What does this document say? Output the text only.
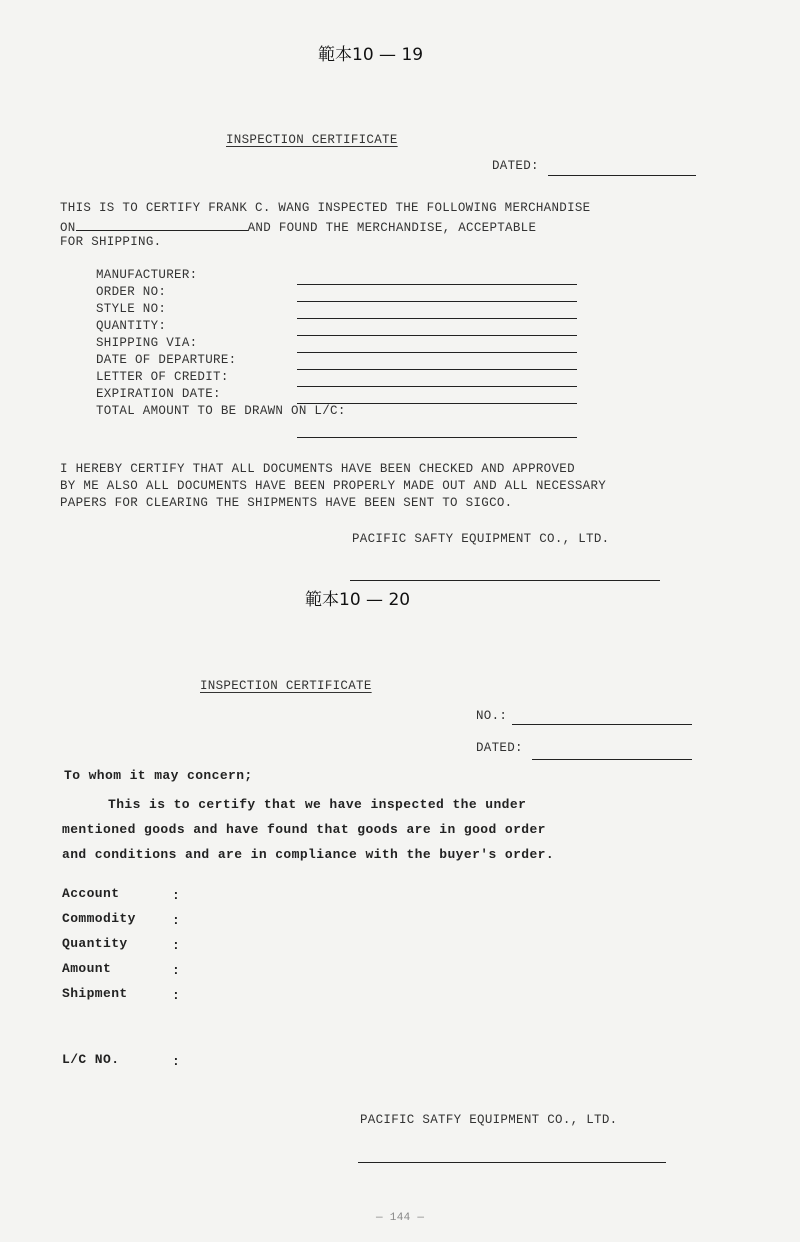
範本10 — 19
INSPECTION CERTIFICATE
DATED:
THIS IS TO CERTIFY FRANK C. WANG INSPECTED THE FOLLOWING MERCHANDISE
ON	AND FOUND THE MERCHANDISE, ACCEPTABLE
FOR SHIPPING.
MANUFACTURER:
ORDER NO:
STYLE NO:
QUANTITY:
SHIPPING VIA:
DATE OF DEPARTURE:
LETTER OF CREDIT:
EXPIRATION DATE:
TOTAL AMOUNT TO BE DRAWN ON L/C:
I HEREBY CERTIFY THAT ALL DOCUMENTS HAVE BEEN CHECKED AND APPROVED
BY ME ALSO ALL DOCUMENTS HAVE BEEN PROPERLY MADE OUT AND ALL NECESSARY
PAPERS FOR CLEARING THE SHIPMENTS HAVE BEEN SENT TO SIGCO.
PACIFIC SAFTY EQUIPMENT CO., LTD.
範本10 — 20
INSPECTION CERTIFICATE
NO.:
DATED:
To whom it may concern;
This is to certify that we have inspected the under
mentioned goods and have found that goods are in good order
and conditions and are in compliance with the buyer's order.
Account
Commodity
Quantity
Amount
Shipment
:
:
:
:
:
L/C NO.	:
PACIFIC SATFY EQUIPMENT CO., LTD.
— 144 —
